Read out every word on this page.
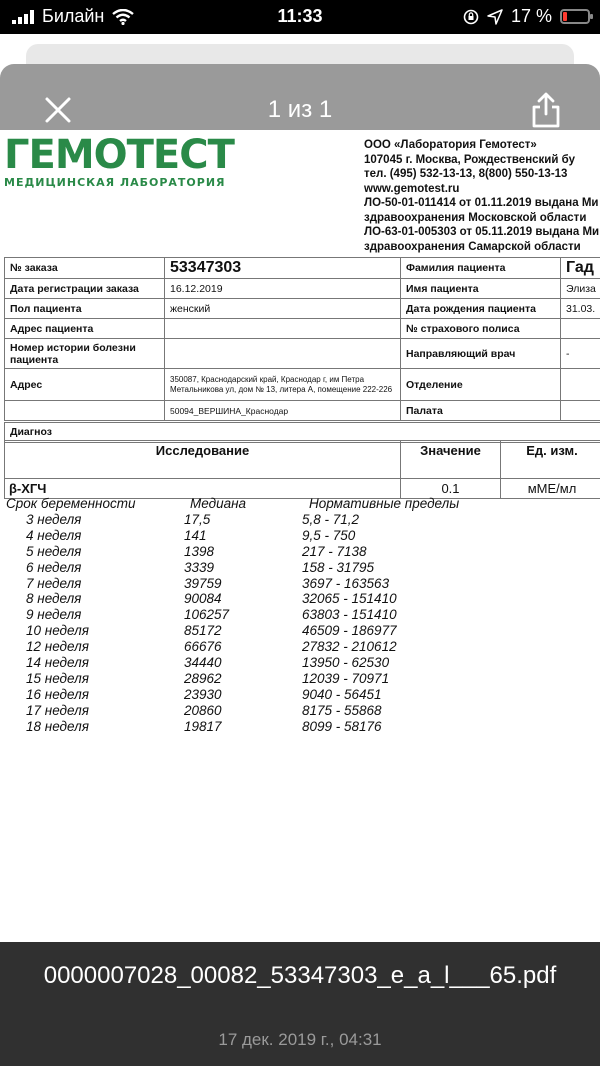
Билайн	11:33	17 %
1 из 1
ГЕМОТЕСТ
МЕДИЦИНСКАЯ ЛАБОРАТОРИЯ
ООО «Лаборатория Гемотест»
107045 г. Москва, Рождественский бу
тел. (495) 532-13-13, 8(800) 550-13-13
www.gemotest.ru
ЛО-50-01-011414 от 01.11.2019 выдана Ми
здравоохранения Московской области
ЛО-63-01-005303 от 05.11.2019 выдана Ми
здравоохранения Самарской области
№ заказа	53347303	Фамилия пациента	Гад
Дата регистрации заказа	16.12.2019	Имя пациента	Элиза
Пол пациента	женский	Дата рождения пациента	31.03.
Адрес пациента		№ страхового полиса	
Номер истории болезни пациента		Направляющий врач	-
Адрес	350087, Краснодарский край, Краснодар г, им Петра Метальникова ул, дом № 13, литера А, помещение 222-226	Отделение	
	50094_ВЕРШИНА_Краснодар	Палата	
Диагноз
Исследование	Значение	Ед. изм.
β-ХГЧ	0.1	мМЕ/мл
Срок беременности	Медиана	Нормативные пределы
3 неделя	17,5	5,8 - 71,2
4 неделя	141	9,5 - 750
5 неделя	1398	217 - 7138
6 неделя	3339	158 - 31795
7 неделя	39759	3697 - 163563
8 неделя	90084	32065 - 151410
9 неделя	106257	63803 - 151410
10 неделя	85172	46509 - 186977
12 неделя	66676	27832 - 210612
14 неделя	34440	13950 - 62530
15 неделя	28962	12039 - 70971
16 неделя	23930	9040 - 56451
17 неделя	20860	8175 - 55868
18 неделя	19817	8099 - 58176
0000007028_00082_53347303_e_a_l___65.pdf
17 дек. 2019 г., 04:31
